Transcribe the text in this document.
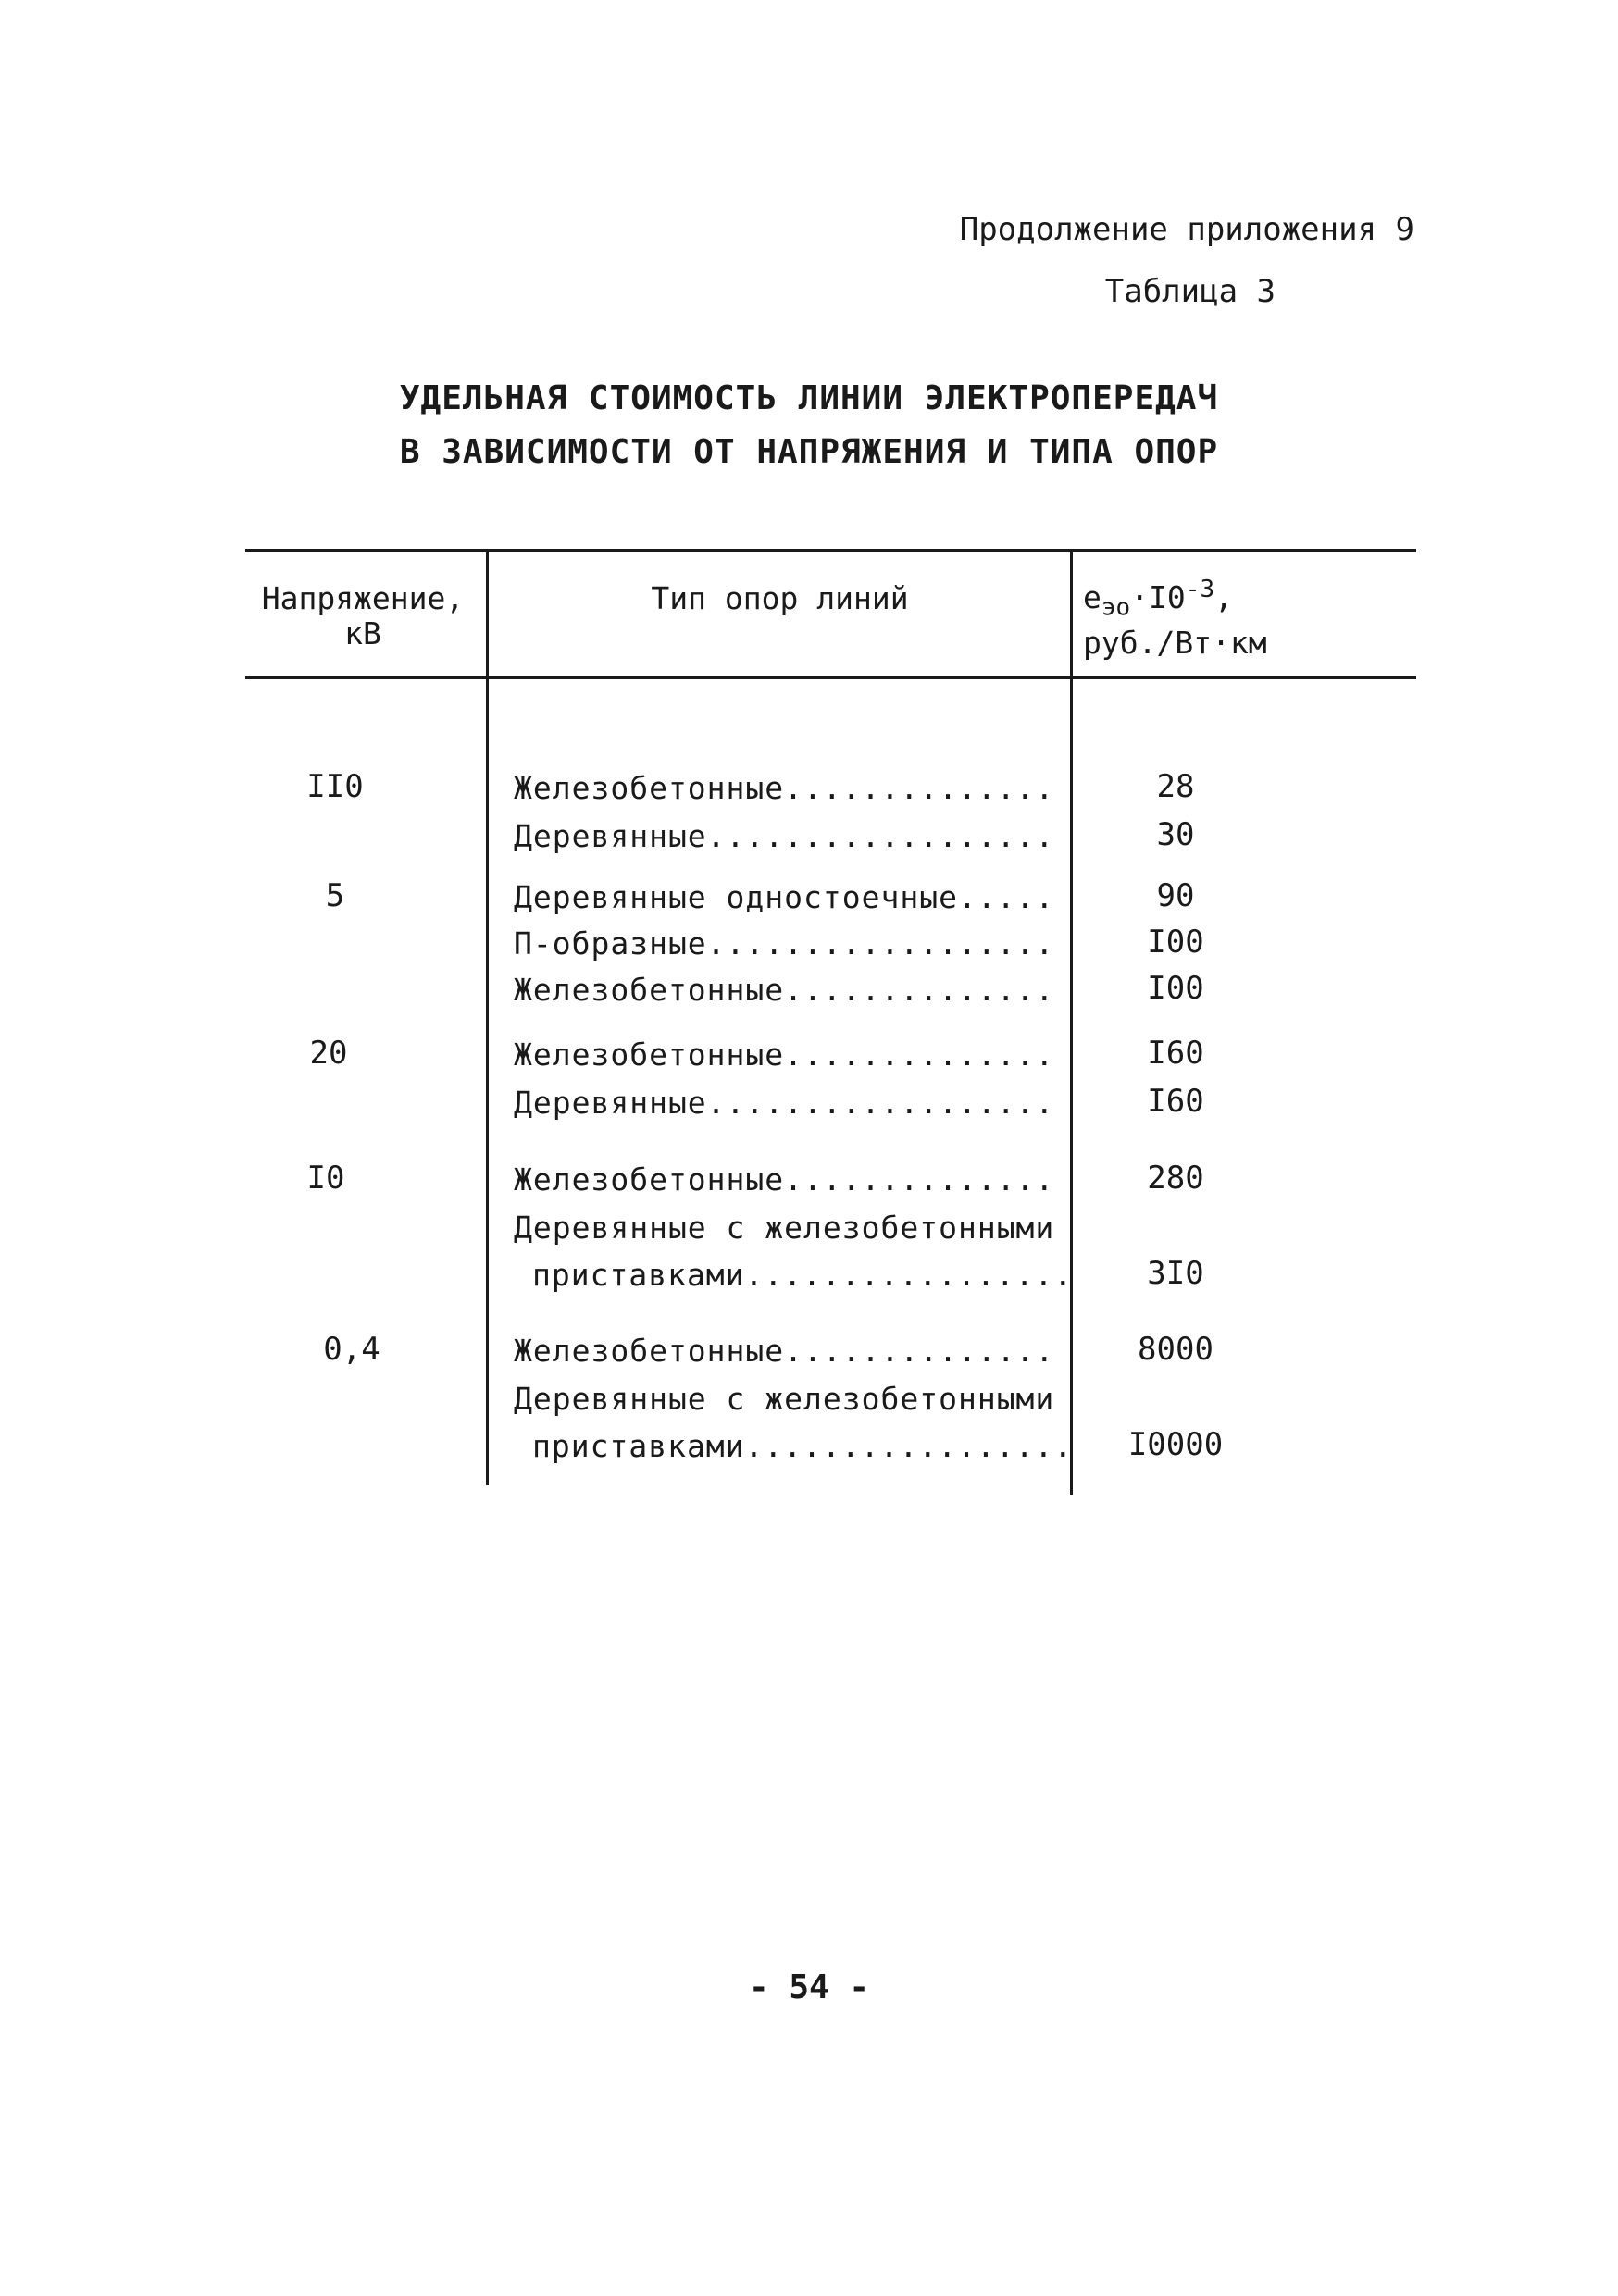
Продолжение приложения 9
Таблица 3
УДЕЛЬНАЯ СТОИМОСТЬ ЛИНИИ ЭЛЕКТРОПЕРЕДАЧ
В ЗАВИСИМОСТИ ОТ НАПРЯЖЕНИЯ И ТИПА ОПОР
Напряжение,
кВ
Тип опор линий	$e_{эо}\cdot I0^{-3}$,
руб./Вт·км
II0	Железобетонные..............	28
Деревянные..................	30
5	Деревянные одностоечные.....	90
П-образные..................	I00
Железобетонные..............	I00
20	Железобетонные..............	I60
Деревянные..................	I60
I0	Железобетонные..............	280
Деревянные с железобетонными
приставками.................	3I0
0,4	Железобетонные..............	8000
Деревянные с железобетонными
приставками.................	I0000
- 54 -
